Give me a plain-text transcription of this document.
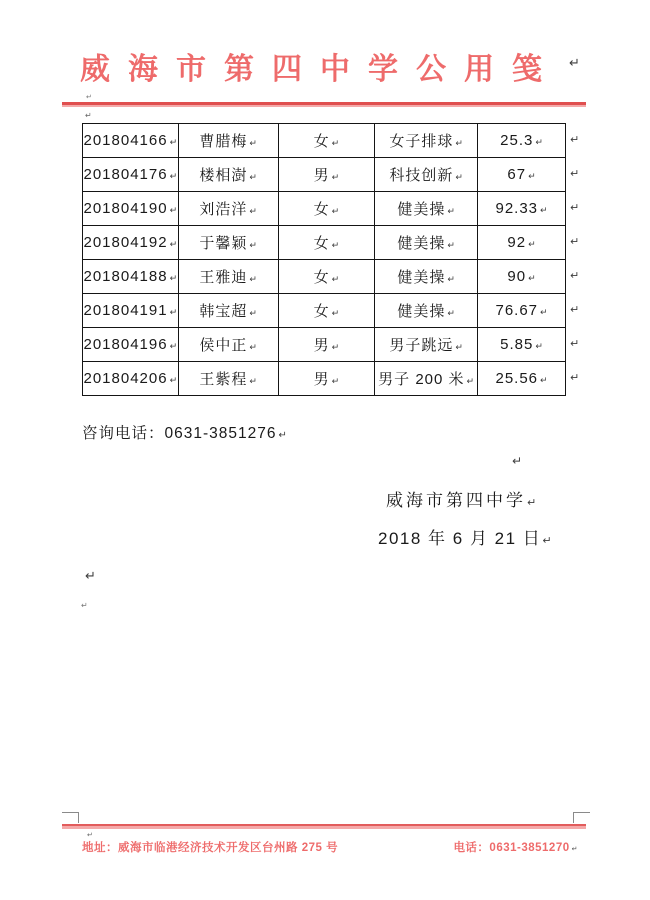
威海市第四中学公用笺 ↵
↵
↵
201804166 ↵	曹腊梅 ↵	女 ↵	女子排球 ↵	25.3 ↵
201804176 ↵	楼相澍 ↵	男 ↵	科技创新 ↵	67 ↵
201804190 ↵	刘浩洋 ↵	女 ↵	健美操 ↵	92.33 ↵
201804192 ↵	于馨颖 ↵	女 ↵	健美操 ↵	92 ↵
201804188 ↵	王雅迪 ↵	女 ↵	健美操 ↵	90 ↵
201804191 ↵	韩宝超 ↵	女 ↵	健美操 ↵	76.67 ↵
201804196 ↵	侯中正 ↵	男 ↵	男子跳远 ↵	5.85 ↵
201804206 ↵	王紫程 ↵	男 ↵	男子 200 米 ↵	25.56 ↵
↵
↵
↵
↵
↵
↵
↵
↵
咨询电话：0631-3851276 ↵
↵
威海市第四中学↵
2018 年 6 月 21 日↵
↵
↵
↵
地址：威海市临港经济技术开发区台州路 275 号	电话：0631-3851270 ↵
